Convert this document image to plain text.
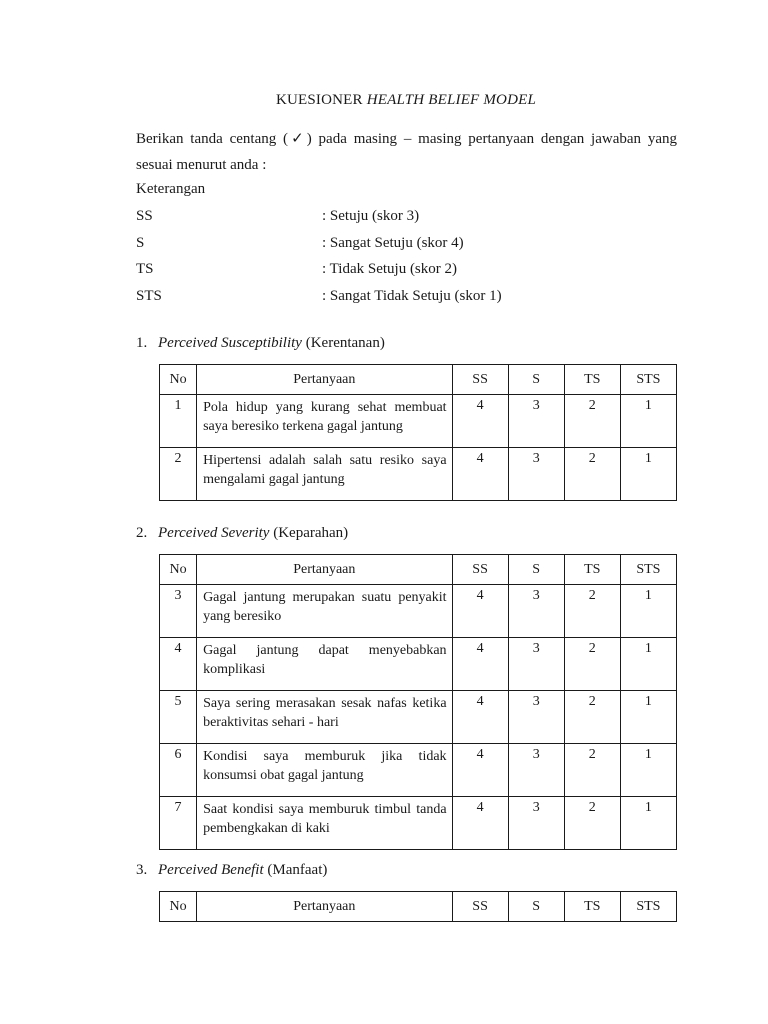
KUESIONER HEALTH BELIEF MODEL
Berikan tanda centang (✓) pada masing – masing pertanyaan dengan jawaban yang sesuai menurut anda :
Keterangan
SS	: Setuju (skor 3)
S	: Sangat Setuju (skor 4)
TS	: Tidak Setuju (skor 2)
STS	: Sangat Tidak Setuju (skor 1)
1. Perceived Susceptibility (Kerentanan)
No	Pertanyaan	SS	S	TS	STS
1	Pola hidup yang kurang sehat membuat saya beresiko terkena gagal jantung	4	3	2	1
2	Hipertensi adalah salah satu resiko saya mengalami gagal jantung	4	3	2	1
2. Perceived Severity (Keparahan)
No	Pertanyaan	SS	S	TS	STS
3	Gagal jantung merupakan suatu penyakit yang beresiko	4	3	2	1
4	Gagal jantung dapat menyebabkan komplikasi	4	3	2	1
5	Saya sering merasakan sesak nafas ketika beraktivitas sehari - hari	4	3	2	1
6	Kondisi saya memburuk jika tidak konsumsi obat gagal jantung	4	3	2	1
7	Saat kondisi saya memburuk timbul tanda pembengkakan di kaki	4	3	2	1
3. Perceived Benefit (Manfaat)
No	Pertanyaan	SS	S	TS	STS
